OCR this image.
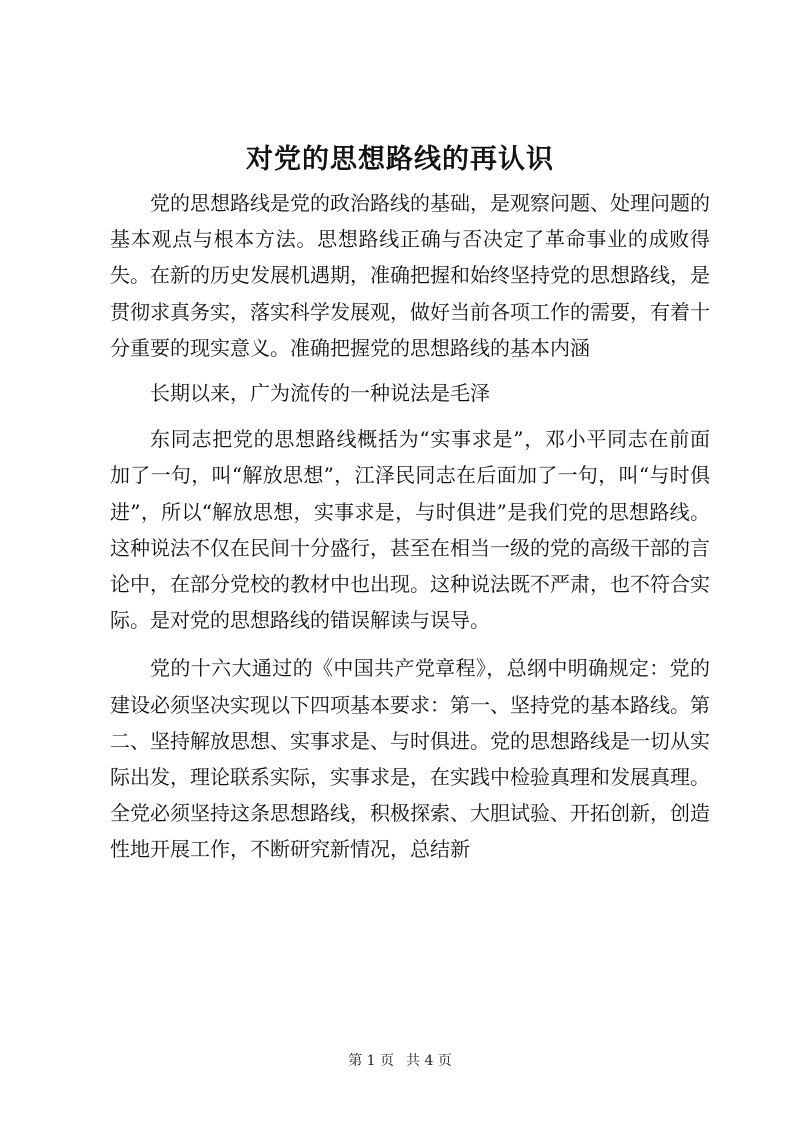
对党的思想路线的再认识

党的思想路线是党的政治路线的基础，是观察问题、处理问题的基本观点与根本方法。思想路线正确与否决定了革命事业的成败得失。在新的历史发展机遇期，准确把握和始终坚持党的思想路线，是贯彻求真务实，落实科学发展观，做好当前各项工作的需要，有着十分重要的现实意义。准确把握党的思想路线的基本内涵

长期以来，广为流传的一种说法是毛泽

东同志把党的思想路线概括为“实事求是”，邓小平同志在前面加了一句，叫“解放思想”，江泽民同志在后面加了一句，叫“与时俱进”，所以“解放思想，实事求是，与时俱进”是我们党的思想路线。这种说法不仅在民间十分盛行，甚至在相当一级的党的高级干部的言论中，在部分党校的教材中也出现。这种说法既不严肃，也不符合实际。是对党的思想路线的错误解读与误导。

党的十六大通过的《中国共产党章程》，总纲中明确规定：党的建设必须坚决实现以下四项基本要求：第一、坚持党的基本路线。第二、坚持解放思想、实事求是、与时俱进。党的思想路线是一切从实际出发，理论联系实际，实事求是，在实践中检验真理和发展真理。全党必须坚持这条思想路线，积极探索、大胆试验、开拓创新，创造性地开展工作，不断研究新情况，总结新

第 1 页 共 4 页
